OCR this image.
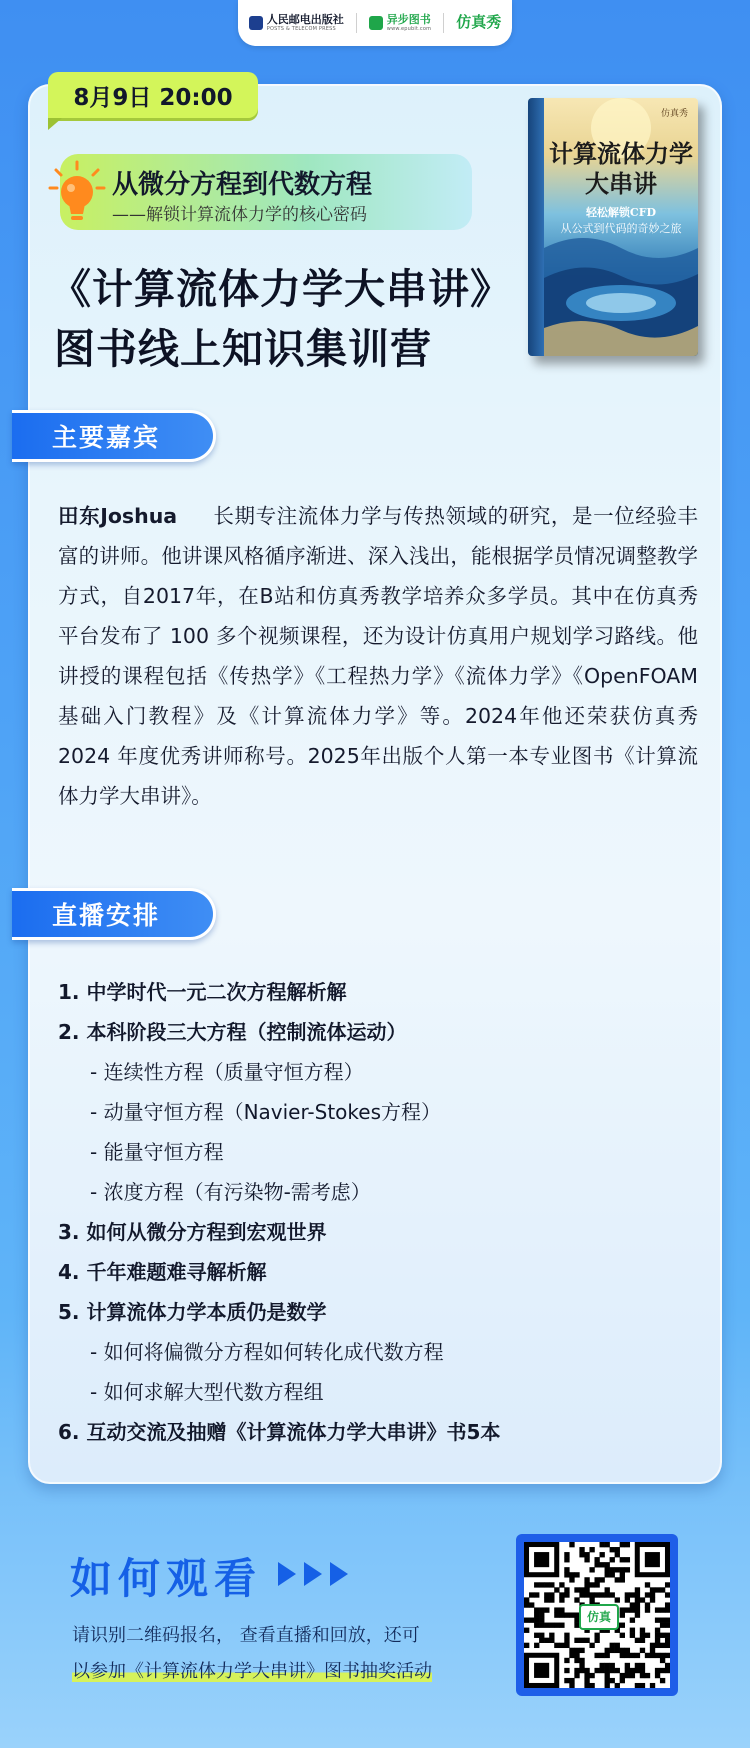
人民邮电出版社
POSTS & TELECOM PRESS
异步图书
www.epubit.com 仿真秀
8月9日 20:00
从微分方程到代数方程
——解锁计算流体力学的核心密码
《计算流体力学大串讲》
图书线上知识集训营
仿真秀
计算流体力学
大串讲
轻松解锁CFD
从公式到代码的奇妙之旅
主要嘉宾
田东Joshua 长期专注流体力学与传热领域的研究，是一位经验丰富的讲师。他讲课风格循序渐进、深入浅出，能根据学员情况调整教学方式，自2017年，在B站和仿真秀教学培养众多学员。其中在仿真秀平台发布了 100 多个视频课程，还为设计仿真用户规划学习路线。他讲授的课程包括《传热学》《工程热力学》《流体力学》《OpenFOAM 基础入门教程》及《计算流体力学》等。2024年他还荣获仿真秀 2024 年度优秀讲师称号。2025年出版个人第一本专业图书《计算流体力学大串讲》。
直播安排
1. 中学时代一元二次方程解析解
2. 本科阶段三大方程（控制流体运动）
- 连续性方程（质量守恒方程）
- 动量守恒方程（Navier-Stokes方程）
- 能量守恒方程
- 浓度方程（有污染物-需考虑）
3. 如何从微分方程到宏观世界
4. 千年难题难寻解析解
5. 计算流体力学本质仍是数学
- 如何将偏微分方程如何转化成代数方程
- 如何求解大型代数方程组
6. 互动交流及抽赠《计算流体力学大串讲》书5本
如何观看
请识别二维码报名， 查看直播和回放，还可
以参加《计算流体力学大串讲》图书抽奖活动
仿真
